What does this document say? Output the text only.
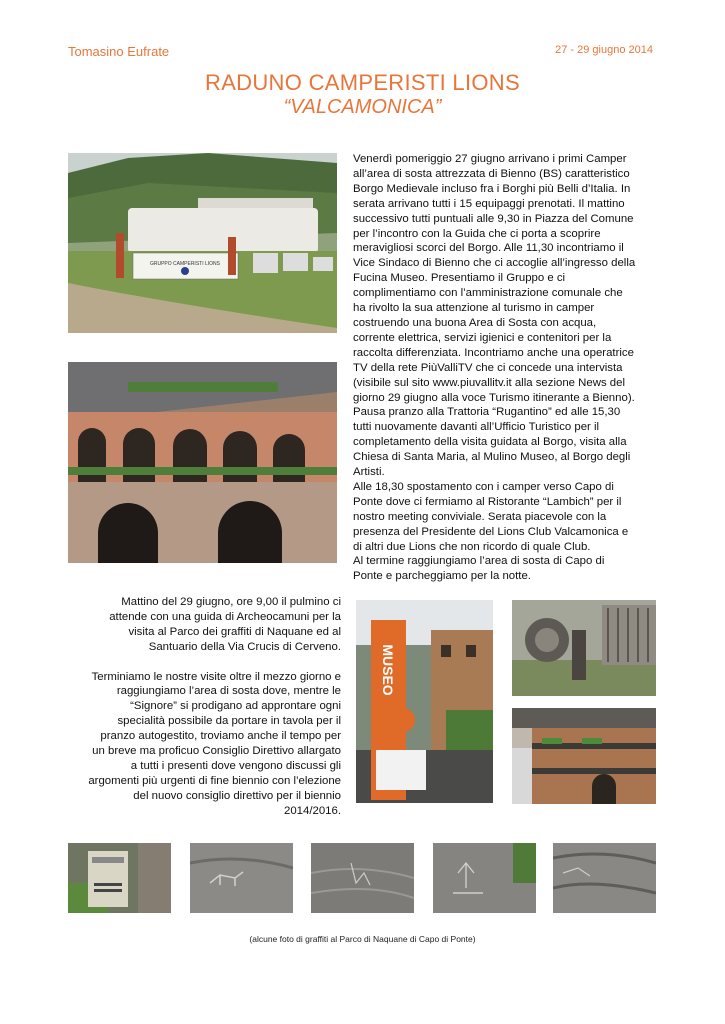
Tomasino Eufrate	27 - 29 giugno 2014
RADUNO CAMPERISTI LIONS
“VALCAMONICA”
GRUPPO CAMPERISTI LIONS
MUSEO
Venerdì pomeriggio 27 giugno arrivano i primi Camper
all’area di sosta attrezzata di Bienno (BS) caratteristico
Borgo Medievale incluso fra i Borghi più Belli d’Italia. In
serata arrivano tutti i 15 equipaggi prenotati. Il mattino
successivo tutti puntuali alle 9,30 in Piazza del Comune
per l’incontro con la Guida che ci porta a scoprire
meravigliosi scorci del Borgo. Alle 11,30 incontriamo il
Vice Sindaco di Bienno che ci accoglie all’ingresso della
Fucina Museo. Presentiamo il Gruppo e ci
complimentiamo con l’amministrazione comunale che
ha rivolto la sua attenzione al turismo in camper
costruendo una buona Area di Sosta con acqua,
corrente elettrica, servizi igienici e contenitori per la
raccolta differenziata. Incontriamo anche una operatrice
TV della rete PiùValliTV che ci concede una intervista
(visibile sul sito www.piuvallitv.it alla sezione News del
giorno 29 giugno alla voce Turismo itinerante a Bienno).
Pausa pranzo alla Trattoria “Rugantino” ed alle 15,30
tutti nuovamente davanti all’Ufficio Turistico per il
completamento della visita guidata al Borgo, visita alla
Chiesa di Santa Maria, al Mulino Museo, al Borgo degli
Artisti.
Alle 18,30 spostamento con i camper verso Capo di
Ponte dove ci fermiamo al Ristorante “Lambich” per il
nostro meeting conviviale. Serata piacevole con la
presenza del Presidente del Lions Club Valcamonica e
di altri due Lions che non ricordo di quale Club.
Al termine raggiungiamo l’area di sosta di Capo di
Ponte e parcheggiamo per la notte.
Mattino del 29 giugno, ore 9,00 il pulmino ci
attende con una guida di Archeocamuni per la
visita al Parco dei graffiti di Naquane ed al
Santuario della Via Crucis di Cerveno.

Terminiamo le nostre visite oltre il mezzo giorno e
raggiungiamo l’area di sosta dove, mentre le
“Signore” si prodigano ad approntare ogni
specialità possibile da portare in tavola per il
pranzo autogestito, troviamo anche il tempo per
un breve ma proficuo Consiglio Direttivo allargato
a tutti i presenti dove vengono discussi gli
argomenti più urgenti di fine biennio con l’elezione
del nuovo consiglio direttivo per il biennio
2014/2016.
(alcune foto di graffiti al Parco di Naquane di Capo di Ponte)
